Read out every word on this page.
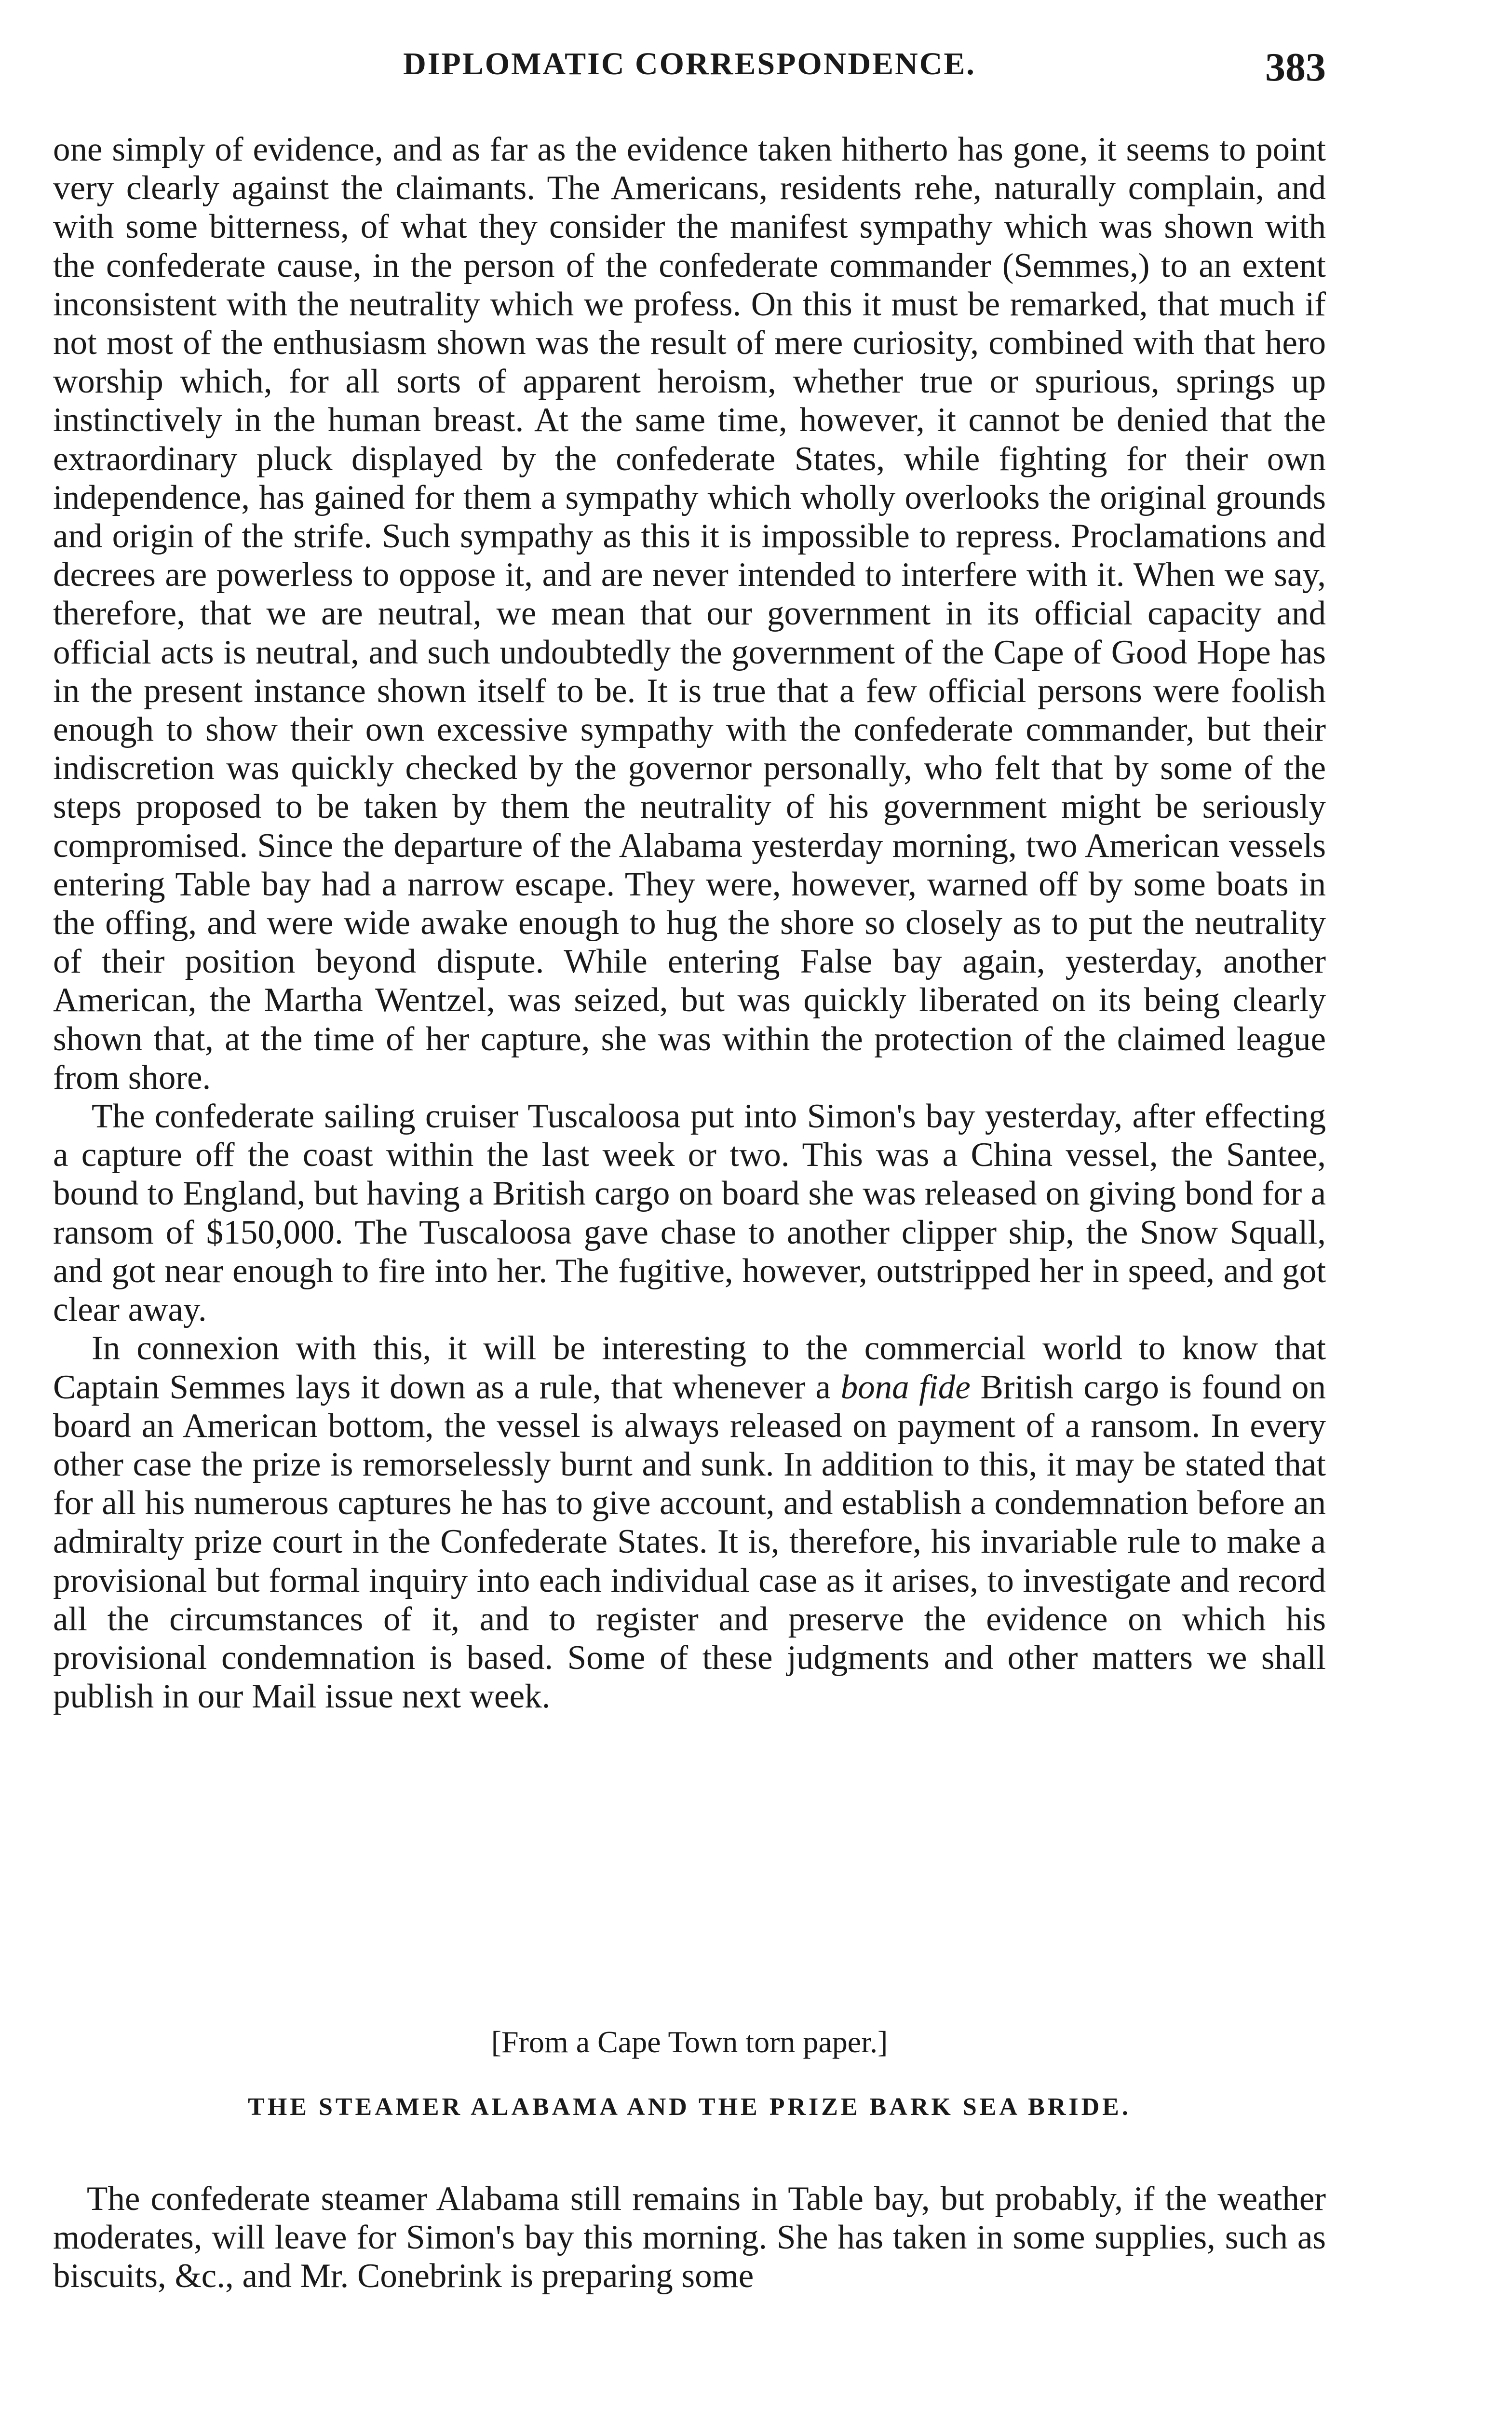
DIPLOMATIC CORRESPONDENCE.	383

one simply of evidence, and as far as the evidence taken hitherto has gone, it seems to point very clearly against the claimants. The Americans, residents rehe, naturally complain, and with some bitterness, of what they consider the manifest sympathy which was shown with the confederate cause, in the person of the confederate commander (Semmes,) to an extent inconsistent with the neutrality which we profess. On this it must be remarked, that much if not most of the enthusiasm shown was the result of mere curiosity, combined with that hero worship which, for all sorts of apparent heroism, whether true or spurious, springs up instinctively in the human breast. At the same time, however, it cannot be denied that the extraordinary pluck displayed by the confederate States, while fighting for their own independence, has gained for them a sympathy which wholly overlooks the original grounds and origin of the strife. Such sympathy as this it is impossible to repress. Proclamations and decrees are powerless to oppose it, and are never intended to interfere with it. When we say, therefore, that we are neutral, we mean that our government in its official capacity and official acts is neutral, and such undoubtedly the government of the Cape of Good Hope has in the present instance shown itself to be. It is true that a few official persons were foolish enough to show their own excessive sympathy with the confederate commander, but their indiscretion was quickly checked by the governor personally, who felt that by some of the steps proposed to be taken by them the neutrality of his government might be seriously compromised. Since the departure of the Alabama yesterday morning, two American vessels entering Table bay had a narrow escape. They were, however, warned off by some boats in the offing, and were wide awake enough to hug the shore so closely as to put the neutrality of their position beyond dispute. While entering False bay again, yesterday, another American, the Martha Wentzel, was seized, but was quickly liberated on its being clearly shown that, at the time of her capture, she was within the protection of the claimed league from shore.

The confederate sailing cruiser Tuscaloosa put into Simon's bay yesterday, after effecting a capture off the coast within the last week or two. This was a China vessel, the Santee, bound to England, but having a British cargo on board she was released on giving bond for a ransom of $150,000. The Tuscaloosa gave chase to another clipper ship, the Snow Squall, and got near enough to fire into her. The fugitive, however, outstripped her in speed, and got clear away.

In connexion with this, it will be interesting to the commercial world to know that Captain Semmes lays it down as a rule, that whenever a bona fide British cargo is found on board an American bottom, the vessel is always released on payment of a ransom. In every other case the prize is remorselessly burnt and sunk. In addition to this, it may be stated that for all his numerous captures he has to give account, and establish a condemnation before an admiralty prize court in the Confederate States. It is, therefore, his invariable rule to make a provisional but formal inquiry into each individual case as it arises, to investigate and record all the circumstances of it, and to register and preserve the evidence on which his provisional condemnation is based. Some of these judgments and other matters we shall publish in our Mail issue next week.

[From a Cape Town torn paper.]

THE STEAMER ALABAMA AND THE PRIZE BARK SEA BRIDE.

The confederate steamer Alabama still remains in Table bay, but probably, if the weather moderates, will leave for Simon's bay this morning. She has taken in some supplies, such as biscuits, &c., and Mr. Conebrink is preparing some
